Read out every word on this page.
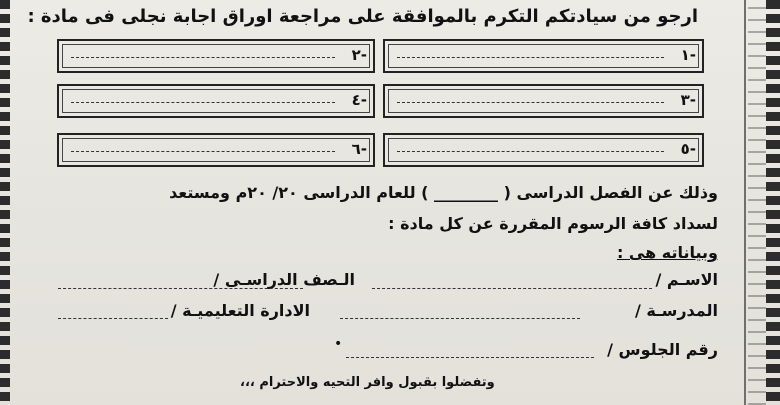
ارجو من سيادتكم التكرم بالموافقة على مراجعة اوراق اجابة نجلى فى مادة :
-١
-٢
-٣
-٤
-٥
-٦
وذلك عن الفصل الدراسى ( ________ ) للعام الدراسى ٢٠/ ٢٠م ومستعد
لسداد كافة الرسوم المقررة عن كل مادة :
وبياناته هى :
الاسـم /
الـصف الدراسـى /
المدرسـة /
الادارة التعليميـة /
رقم الجلوس /
•
وتفضلوا بقبول وافر التحيه والاحترام ،،،
